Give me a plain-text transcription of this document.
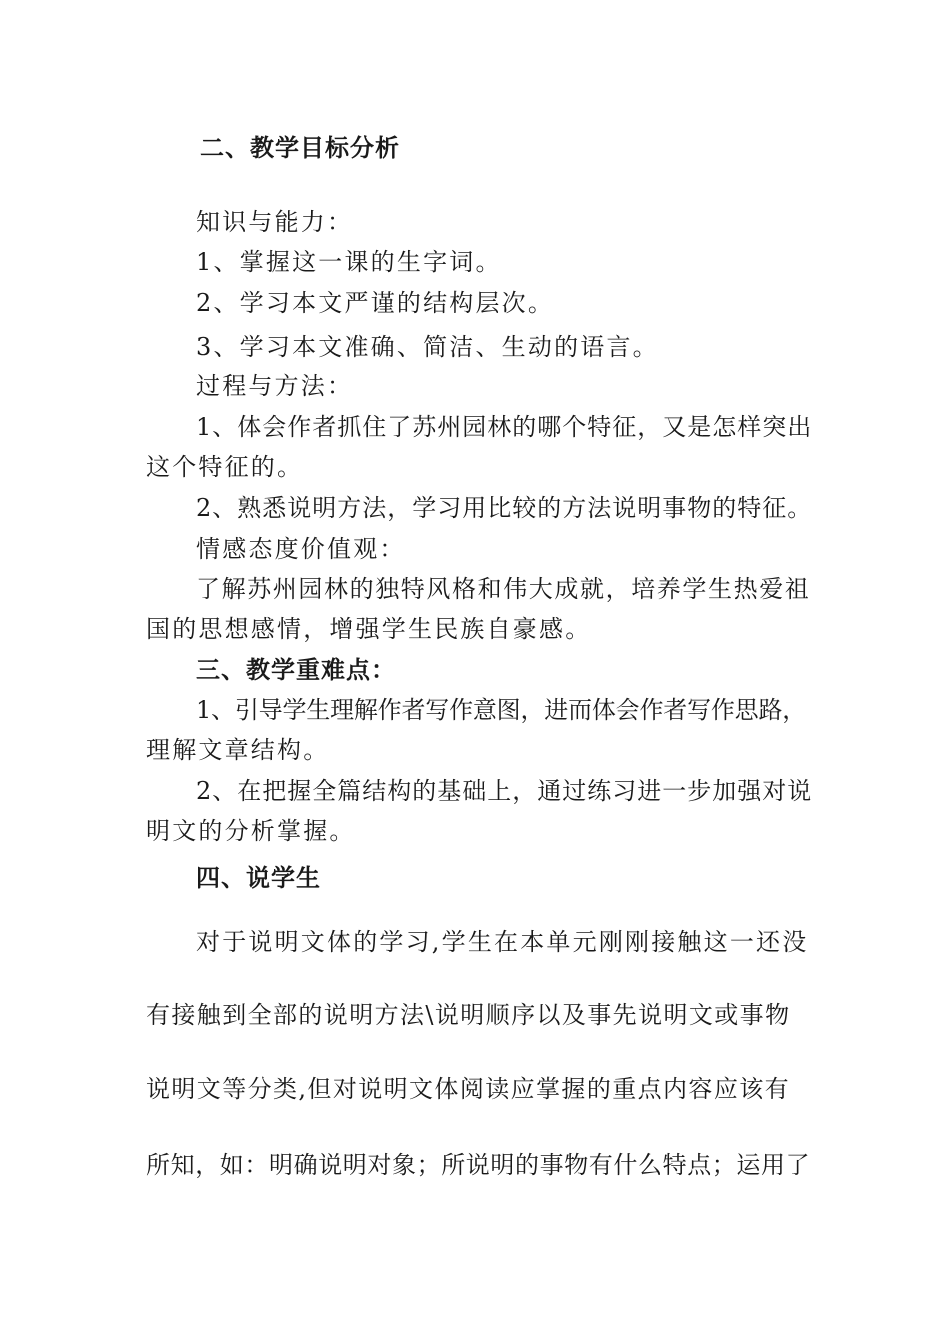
二、教学目标分析
知识与能力：
1、掌握这一课的生字词。
2、学习本文严谨的结构层次。
3、学习本文准确、简洁、生动的语言。
过程与方法：
1、体会作者抓住了苏州园林的哪个特征，又是怎样突出
这个特征的。
2、熟悉说明方法，学习用比较的方法说明事物的特征。
情感态度价值观：
了解苏州园林的独特风格和伟大成就，培养学生热爱祖
国的思想感情，增强学生民族自豪感。
三、教学重难点：
1、引导学生理解作者写作意图，进而体会作者写作思路，
理解文章结构。
2、在把握全篇结构的基础上，通过练习进一步加强对说
明文的分析掌握。
四、说学生
对于说明文体的学习,学生在本单元刚刚接触这一还没
有接触到全部的说明方法\说明顺序以及事先说明文或事物
说明文等分类,但对说明文体阅读应掌握的重点内容应该有
所知，如：明确说明对象；所说明的事物有什么特点；运用了
